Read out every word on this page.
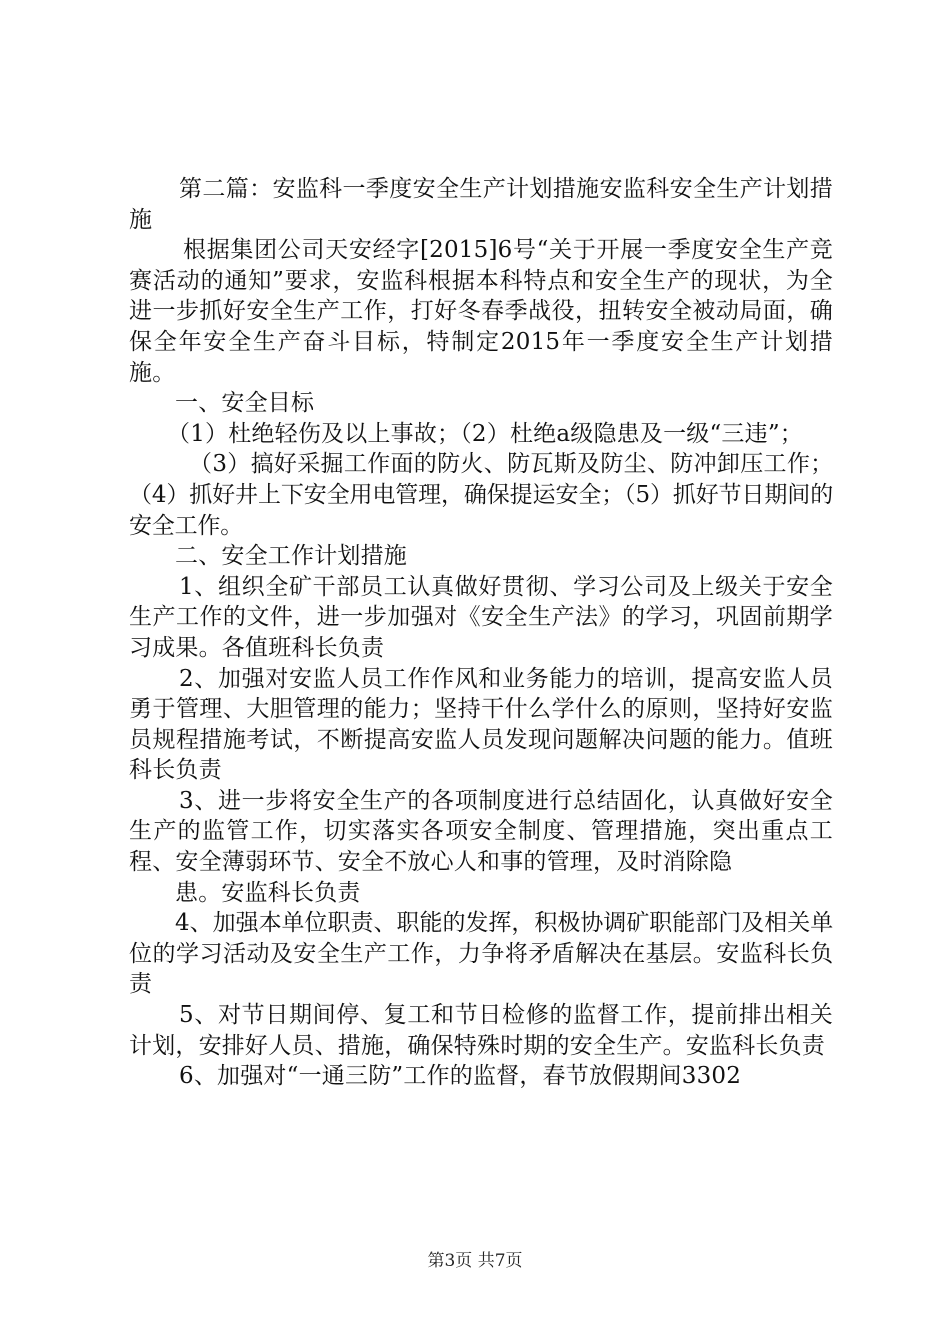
第二篇：安监科一季度安全生产计划措施安监科安全生产计划措施

根据集团公司天安经字[2015]6号“关于开展一季度安全生产竞赛活动的通知”要求，安监科根据本科特点和安全生产的现状，为全进一步抓好安全生产工作，打好冬春季战役，扭转安全被动局面，确保全年安全生产奋斗目标，特制定2015年一季度安全生产计划措施。

一、安全目标

（1）杜绝轻伤及以上事故；（2）杜绝a级隐患及一级“三违”；

（3）搞好采掘工作面的防火、防瓦斯及防尘、防冲卸压工作；（4）抓好井上下安全用电管理，确保提运安全；（5）抓好节日期间的安全工作。

二、安全工作计划措施

1、组织全矿干部员工认真做好贯彻、学习公司及上级关于安全生产工作的文件，进一步加强对《安全生产法》的学习，巩固前期学习成果。各值班科长负责

2、加强对安监人员工作作风和业务能力的培训，提高安监人员勇于管理、大胆管理的能力；坚持干什么学什么的原则，坚持好安监员规程措施考试，不断提高安监人员发现问题解决问题的能力。值班科长负责

3、进一步将安全生产的各项制度进行总结固化，认真做好安全生产的监管工作，切实落实各项安全制度、管理措施，突出重点工程、安全薄弱环节、安全不放心人和事的管理，及时消除隐

患。安监科长负责

4、加强本单位职责、职能的发挥，积极协调矿职能部门及相关单位的学习活动及安全生产工作，力争将矛盾解决在基层。安监科长负责

5、对节日期间停、复工和节日检修的监督工作，提前排出相关计划，安排好人员、措施，确保特殊时期的安全生产。安监科长负责

6、加强对“一通三防”工作的监督，春节放假期间3302

第3页 共7页
